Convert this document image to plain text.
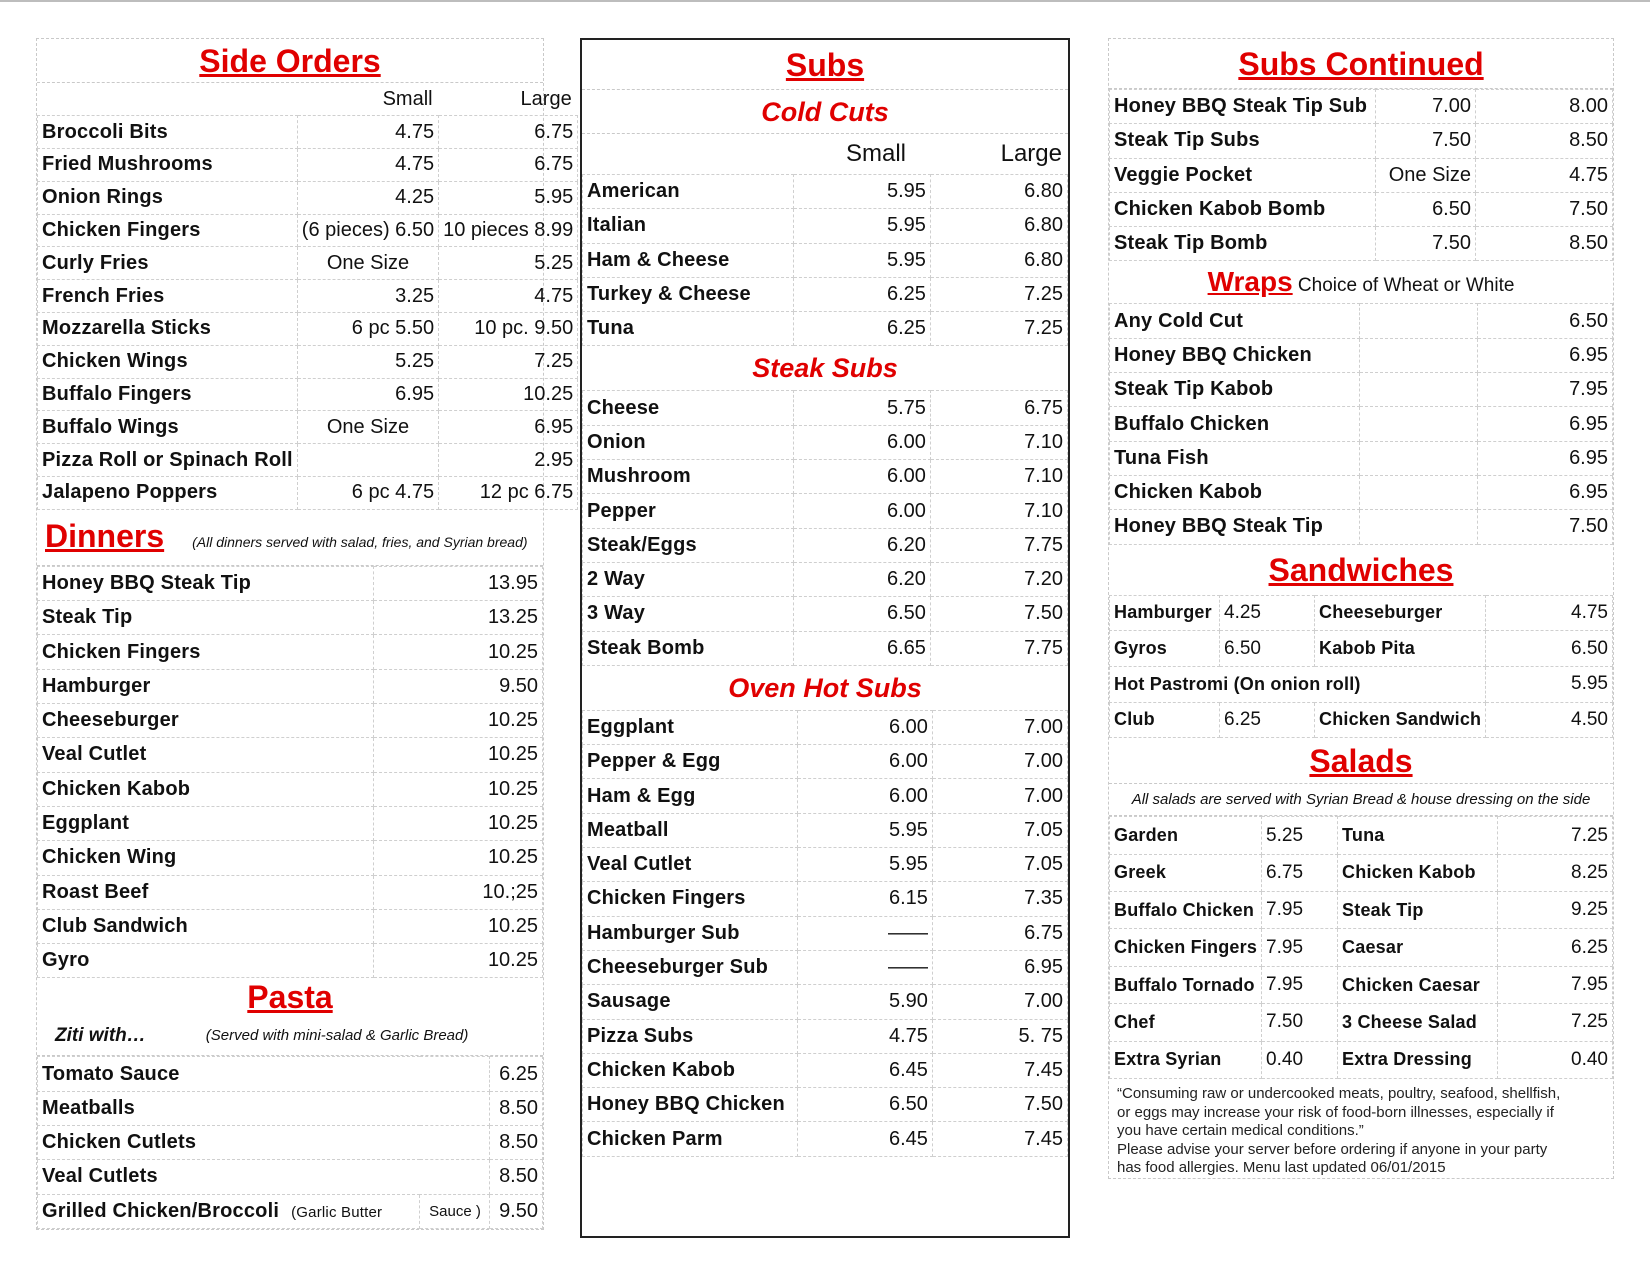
Side Orders
	Small	Large
Broccoli Bits	4.75	6.75
Fried Mushrooms	4.75	6.75
Onion Rings	4.25	5.95
Chicken Fingers	(6 pieces) 6.50	10 pieces 8.99
Curly Fries	One Size	5.25
French Fries	3.25	4.75
Mozzarella Sticks	6 pc 5.50	10 pc. 9.50
Chicken Wings	5.25	7.25
Buffalo Fingers	6.95	10.25
Buffalo Wings	One Size	6.95
Pizza Roll or Spinach Roll		2.95
Jalapeno Poppers	6 pc 4.75	12 pc 6.75
Dinners (All dinners served with salad, fries, and Syrian bread)
Honey BBQ Steak Tip	13.95
Steak Tip	13.25
Chicken Fingers	10.25
Hamburger	9.50
Cheeseburger	10.25
Veal Cutlet	10.25
Chicken Kabob	10.25
Eggplant	10.25
Chicken Wing	10.25
Roast Beef	10.;25
Club Sandwich	10.25
Gyro	10.25
Pasta
Ziti with…	(Served with mini-salad & Garlic Bread)
Tomato Sauce		6.25
Meatballs		8.50
Chicken Cutlets		8.50
Veal Cutlets		8.50
Grilled Chicken/Broccoli (Garlic Butter	Sauce )	9.50
Subs
Cold Cuts
	Small	Large
American	5.95	6.80
Italian	5.95	6.80
Ham & Cheese	5.95	6.80
Turkey & Cheese	6.25	7.25
Tuna	6.25	7.25
Steak Subs
Cheese	5.75	6.75
Onion	6.00	7.10
Mushroom	6.00	7.10
Pepper	6.00	7.10
Steak/Eggs	6.20	7.75
2 Way	6.20	7.20
3 Way	6.50	7.50
Steak Bomb	6.65	7.75
Oven Hot Subs
Eggplant	6.00	7.00
Pepper & Egg	6.00	7.00
Ham & Egg	6.00	7.00
Meatball	5.95	7.05
Veal Cutlet	5.95	7.05
Chicken Fingers	6.15	7.35
Hamburger Sub	——	6.75
Cheeseburger Sub	——	6.95
Sausage	5.90	7.00
Pizza Subs	4.75	5. 75
Chicken Kabob	6.45	7.45
Honey BBQ Chicken	6.50	7.50
Chicken Parm	6.45	7.45
Subs Continued
Honey BBQ Steak Tip Sub	7.00	8.00
Steak Tip Subs	7.50	8.50
Veggie Pocket	One Size	4.75
Chicken Kabob Bomb	6.50	7.50
Steak Tip Bomb	7.50	8.50
Wraps Choice of Wheat or White
Any Cold Cut		6.50
Honey BBQ Chicken		6.95
Steak Tip Kabob		7.95
Buffalo Chicken		6.95
Tuna Fish		6.95
Chicken Kabob		6.95
Honey BBQ Steak Tip		7.50
Sandwiches
Hamburger	4.25	Cheeseburger	4.75
Gyros	6.50	Kabob Pita	6.50
Hot Pastromi (On onion roll)			5.95
Club	6.25	Chicken Sandwich	4.50
Salads
All salads are served with Syrian Bread & house dressing on the side
Garden	5.25	Tuna	7.25
Greek	6.75	Chicken Kabob	8.25
Buffalo Chicken	7.95	Steak Tip	9.25
Chicken Fingers	7.95	Caesar	6.25
Buffalo Tornado	7.95	Chicken Caesar	7.95
Chef	7.50	3 Cheese Salad	7.25
Extra Syrian	0.40	Extra Dressing	0.40
“Consuming raw or undercooked meats, poultry, seafood, shellfish,
or eggs may increase your risk of food-born illnesses, especially if
you have certain medical conditions.”
Please advise your server before ordering if anyone in your party
has food allergies. Menu last updated 06/01/2015
